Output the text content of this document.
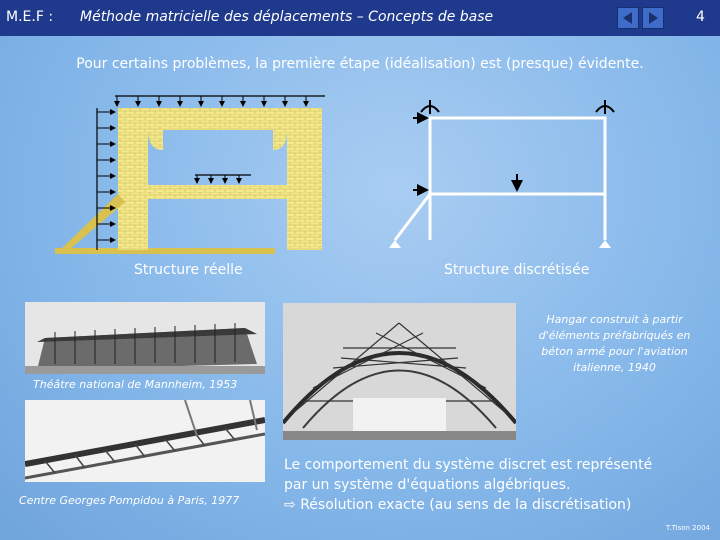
M.E.F : Méthode matricielle des déplacements – Concepts de base	4
Pour certains problèmes, la première étape (idéalisation) est (presque) évidente.
Structure réelle	Structure discrétisée
Théâtre national de Mannheim, 1953
Centre Georges Pompidou à Paris, 1977
Hangar construit à partir
d'éléments préfabriqués en
béton armé pour l'aviation
italienne, 1940
Le comportement du système discret est représenté
par un système d'équations algébriques.
⇨ Résolution exacte (au sens de la discrétisation)
T.Tison 2004
